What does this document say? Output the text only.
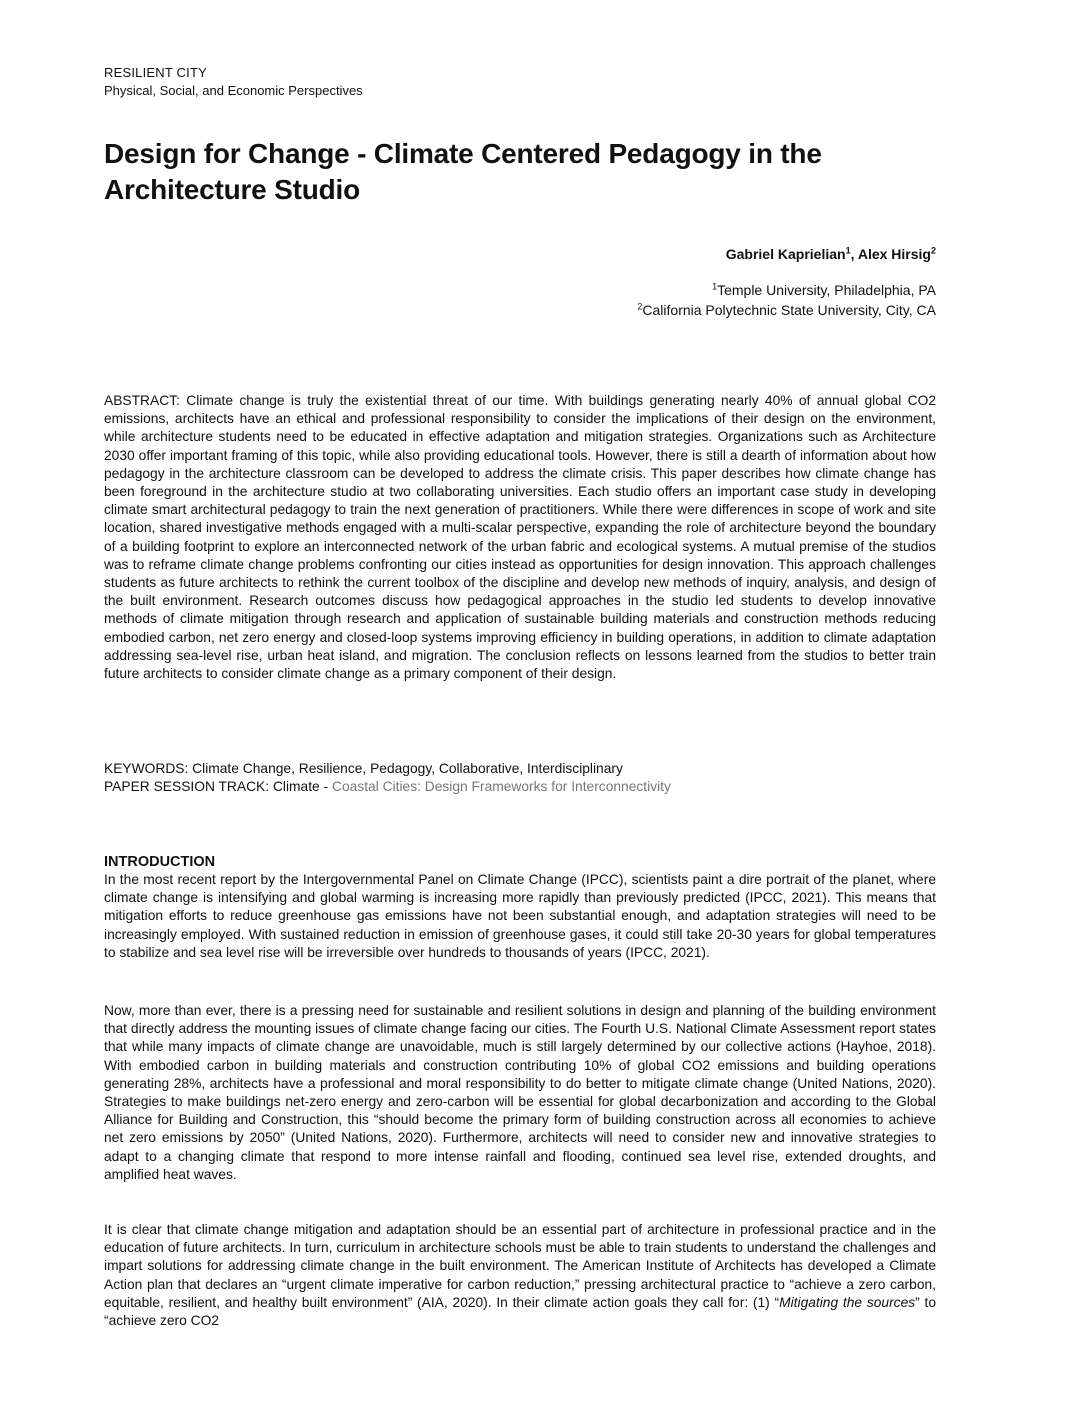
RESILIENT CITY
Physical, Social, and Economic Perspectives
Design for Change - Climate Centered Pedagogy in the Architecture Studio
Gabriel Kaprielian$^1$, Alex Hirsig$^2$
$^1$Temple University, Philadelphia, PA
$^2$California Polytechnic State University, City, CA

ABSTRACT: Climate change is truly the existential threat of our time. With buildings generating nearly 40% of annual global CO2 emissions, architects have an ethical and professional responsibility to consider the implications of their design on the environment, while architecture students need to be educated in effective adaptation and mitigation strategies. Organizations such as Architecture 2030 offer important framing of this topic, while also providing educational tools. However, there is still a dearth of information about how pedagogy in the architecture classroom can be developed to address the climate crisis. This paper describes how climate change has been foreground in the architecture studio at two collaborating universities. Each studio offers an important case study in developing climate smart architectural pedagogy to train the next generation of practitioners. While there were differences in scope of work and site location, shared investigative methods engaged with a multi-scalar perspective, expanding the role of architecture beyond the boundary of a building footprint to explore an interconnected network of the urban fabric and ecological systems. A mutual premise of the studios was to reframe climate change problems confronting our cities instead as opportunities for design innovation. This approach challenges students as future architects to rethink the current toolbox of the discipline and develop new methods of inquiry, analysis, and design of the built environment. Research outcomes discuss how pedagogical approaches in the studio led students to develop innovative methods of climate mitigation through research and application of sustainable building materials and construction methods reducing embodied carbon, net zero energy and closed-loop systems improving efficiency in building operations, in addition to climate adaptation addressing sea-level rise, urban heat island, and migration. The conclusion reflects on lessons learned from the studios to better train future architects to consider climate change as a primary component of their design.

KEYWORDS: Climate Change, Resilience, Pedagogy, Collaborative, Interdisciplinary
PAPER SESSION TRACK: Climate - Coastal Cities: Design Frameworks for Interconnectivity
INTRODUCTION

In the most recent report by the Intergovernmental Panel on Climate Change (IPCC), scientists paint a dire portrait of the planet, where climate change is intensifying and global warming is increasing more rapidly than previously predicted (IPCC, 2021). This means that mitigation efforts to reduce greenhouse gas emissions have not been substantial enough, and adaptation strategies will need to be increasingly employed. With sustained reduction in emission of greenhouse gases, it could still take 20-30 years for global temperatures to stabilize and sea level rise will be irreversible over hundreds to thousands of years (IPCC, 2021).

Now, more than ever, there is a pressing need for sustainable and resilient solutions in design and planning of the building environment that directly address the mounting issues of climate change facing our cities. The Fourth U.S. National Climate Assessment report states that while many impacts of climate change are unavoidable, much is still largely determined by our collective actions (Hayhoe, 2018). With embodied carbon in building materials and construction contributing 10% of global CO2 emissions and building operations generating 28%, architects have a professional and moral responsibility to do better to mitigate climate change (United Nations, 2020). Strategies to make buildings net-zero energy and zero-carbon will be essential for global decarbonization and according to the Global Alliance for Building and Construction, this “should become the primary form of building construction across all economies to achieve net zero emissions by 2050” (United Nations, 2020). Furthermore, architects will need to consider new and innovative strategies to adapt to a changing climate that respond to more intense rainfall and flooding, continued sea level rise, extended droughts, and amplified heat waves.

It is clear that climate change mitigation and adaptation should be an essential part of architecture in professional practice and in the education of future architects. In turn, curriculum in architecture schools must be able to train students to understand the challenges and impart solutions for addressing climate change in the built environment. The American Institute of Architects has developed a Climate Action plan that declares an “urgent climate imperative for carbon reduction,” pressing architectural practice to “achieve a zero carbon, equitable, resilient, and healthy built environment” (AIA, 2020). In their climate action goals they call for: (1) “Mitigating the sources” to “achieve zero CO2
